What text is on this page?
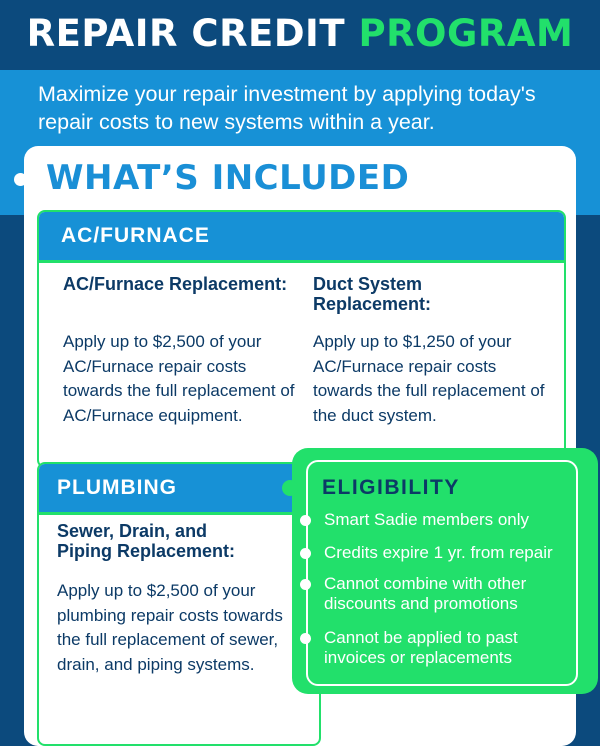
REPAIR CREDIT PROGRAM

Maximize your repair investment by applying today's repair costs to new systems within a year.

WHAT’S INCLUDED
AC/FURNACE

AC/Furnace Replacement:

Apply up to $2,500 of your AC/Furnace repair costs towards the full replacement of AC/Furnace equipment.

Duct System Replacement:

Apply up to $1,250 of your AC/Furnace repair costs towards the full replacement of the duct system.

PLUMBING

Sewer, Drain, and Piping Replacement:

Apply up to $2,500 of your plumbing repair costs towards the full replacement of sewer, drain, and piping systems.

ELIGIBILITY
Smart Sadie members only
Credits expire 1 yr. from repair
Cannot combine with other discounts and promotions
Cannot be applied to past invoices or replacements
